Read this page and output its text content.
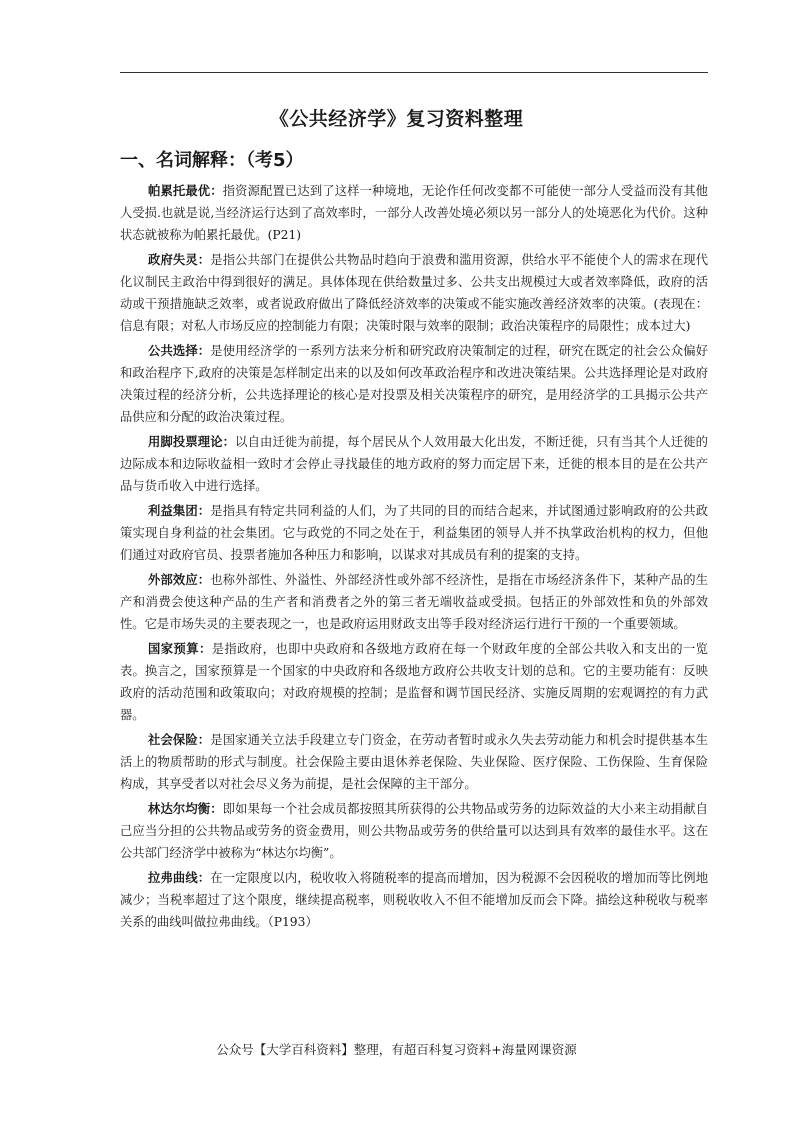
《公共经济学》复习资料整理
一、名词解释：（考5）

帕累托最优：指资源配置已达到了这样一种境地，无论作任何改变都不可能使一部分人受益而没有其他人受损.也就是说,当经济运行达到了高效率时，一部分人改善处境必须以另一部分人的处境恶化为代价。这种状态就被称为帕累托最优。(P21)

政府失灵：是指公共部门在提供公共物品时趋向于浪费和滥用资源，供给水平不能使个人的需求在现代化议制民主政治中得到很好的满足。具体体现在供给数量过多、公共支出规模过大或者效率降低，政府的活动或干预措施缺乏效率，或者说政府做出了降低经济效率的决策或不能实施改善经济效率的决策。(表现在：信息有限；对私人市场反应的控制能力有限；决策时限与效率的限制；政治决策程序的局限性；成本过大)

公共选择：是使用经济学的一系列方法来分析和研究政府决策制定的过程，研究在既定的社会公众偏好和政治程序下,政府的决策是怎样制定出来的以及如何改革政治程序和改进决策结果。公共选择理论是对政府决策过程的经济分析，公共选择理论的核心是对投票及相关决策程序的研究，是用经济学的工具揭示公共产品供应和分配的政治决策过程。

用脚投票理论：以自由迁徙为前提，每个居民从个人效用最大化出发，不断迁徙，只有当其个人迁徙的边际成本和边际收益相一致时才会停止寻找最佳的地方政府的努力而定居下来，迁徙的根本目的是在公共产品与货币收入中进行选择。

利益集团：是指具有特定共同利益的人们，为了共同的目的而结合起来，并试图通过影响政府的公共政策实现自身利益的社会集团。它与政党的不同之处在于，利益集团的领导人并不执掌政治机构的权力，但他们通过对政府官员、投票者施加各种压力和影响，以谋求对其成员有利的提案的支持。

外部效应：也称外部性、外溢性、外部经济性或外部不经济性，是指在市场经济条件下，某种产品的生产和消费会使这种产品的生产者和消费者之外的第三者无端收益或受损。包括正的外部效性和负的外部效性。它是市场失灵的主要表现之一，也是政府运用财政支出等手段对经济运行进行干预的一个重要领域。

国家预算：是指政府，也即中央政府和各级地方政府在每一个财政年度的全部公共收入和支出的一览表。换言之，国家预算是一个国家的中央政府和各级地方政府公共收支计划的总和。它的主要功能有：反映政府的活动范围和政策取向；对政府规模的控制；是监督和调节国民经济、实施反周期的宏观调控的有力武器。

社会保险：是国家通关立法手段建立专门资金，在劳动者暂时或永久失去劳动能力和机会时提供基本生活上的物质帮助的形式与制度。社会保险主要由退休养老保险、失业保险、医疗保险、工伤保险、生育保险构成，其享受者以对社会尽义务为前提，是社会保障的主干部分。

林达尔均衡：即如果每一个社会成员都按照其所获得的公共物品或劳务的边际效益的大小来主动捐献自己应当分担的公共物品或劳务的资金费用，则公共物品或劳务的供给量可以达到具有效率的最佳水平。这在公共部门经济学中被称为“林达尔均衡”。

拉弗曲线：在一定限度以内，税收收入将随税率的提高而增加，因为税源不会因税收的增加而等比例地减少；当税率超过了这个限度，继续提高税率，则税收收入不但不能增加反而会下降。描绘这种税收与税率关系的曲线叫做拉弗曲线。（P193）

公众号【大学百科资料】整理，有超百科复习资料+海量网课资源
